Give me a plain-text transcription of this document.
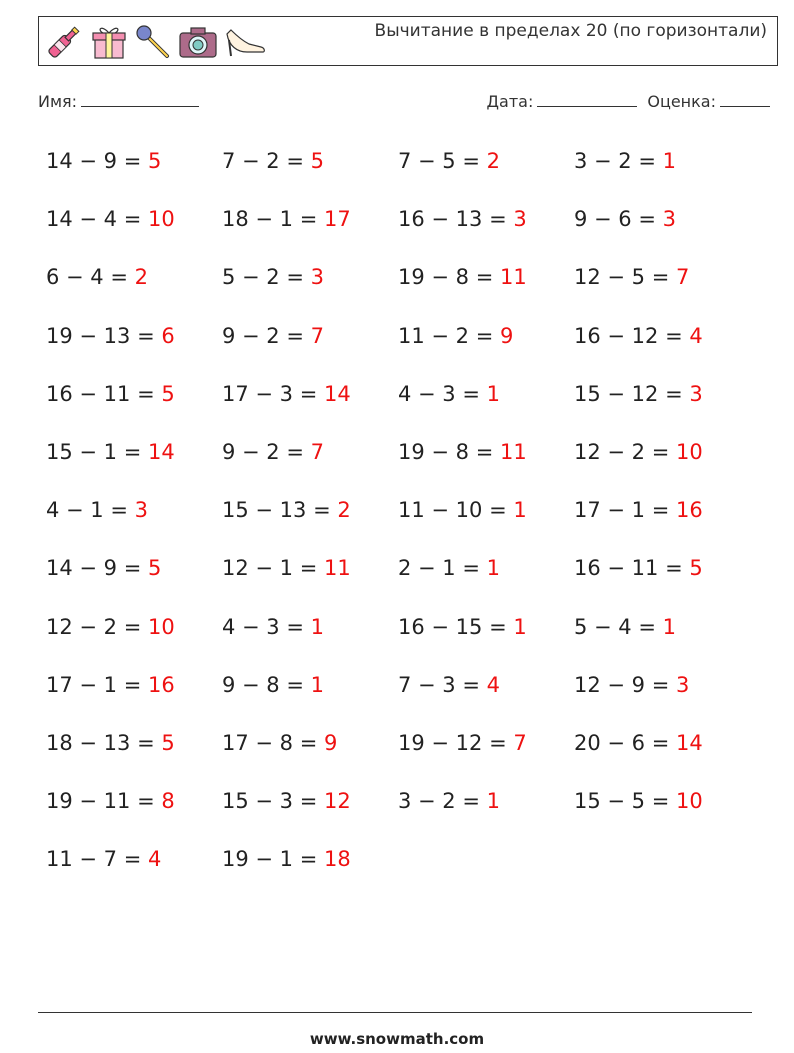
Вычитание в пределах 20 (по горизонтали)
Имя:	Дата:	Оценка:
14 − 9 = 5	7 − 2 = 5	7 − 5 = 2	3 − 2 = 1
14 − 4 = 10	18 − 1 = 17	16 − 13 = 3	9 − 6 = 3
6 − 4 = 2	5 − 2 = 3	19 − 8 = 11	12 − 5 = 7
19 − 13 = 6	9 − 2 = 7	11 − 2 = 9	16 − 12 = 4
16 − 11 = 5	17 − 3 = 14	4 − 3 = 1	15 − 12 = 3
15 − 1 = 14	9 − 2 = 7	19 − 8 = 11	12 − 2 = 10
4 − 1 = 3	15 − 13 = 2	11 − 10 = 1	17 − 1 = 16
14 − 9 = 5	12 − 1 = 11	2 − 1 = 1	16 − 11 = 5
12 − 2 = 10	4 − 3 = 1	16 − 15 = 1	5 − 4 = 1
17 − 1 = 16	9 − 8 = 1	7 − 3 = 4	12 − 9 = 3
18 − 13 = 5	17 − 8 = 9	19 − 12 = 7	20 − 6 = 14
19 − 11 = 8	15 − 3 = 12	3 − 2 = 1	15 − 5 = 10
11 − 7 = 4	19 − 1 = 18
www.snowmath.com
